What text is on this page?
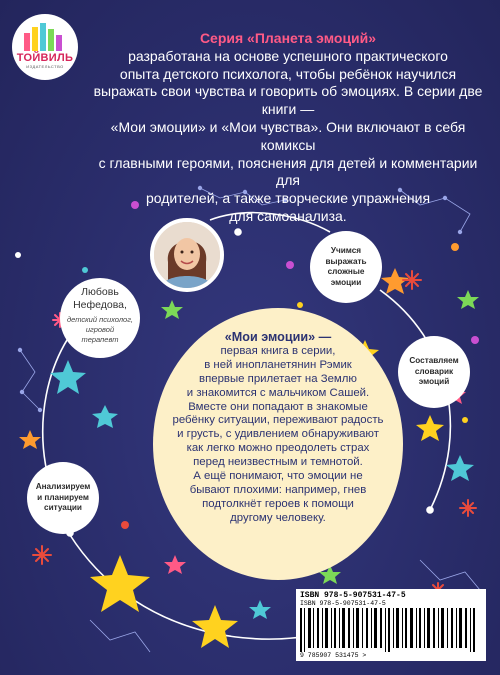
ТОЙВИЛЬ
ИЗДАТЕЛЬСТВО
Серия «Планета эмоций»
разработана на основе успешного практического
опыта детского психолога, чтобы ребёнок научился
выражать свои чувства и говорить об эмоциях. В серии две книги —
«Мои эмоции» и «Мои чувства». Они включают в себя комиксы
с главными героями, пояснения для детей и комментарии для
родителей, а также творческие упражнения
для самоанализа.
Любовь
Нефедова,
детский психолог,
игровой
терапевт
Учимся
выражать
сложные
эмоции
Составляем
словарик
эмоций
Анализируем
и планируем
ситуации
«Мои эмоции» —
первая книга в серии,
в ней инопланетянин Рэмик
впервые прилетает на Землю
и знакомится с мальчиком Сашей.
Вместе они попадают в знакомые
ребёнку ситуации, переживают радость
и грусть, с удивлением обнаруживают
как легко можно преодолеть страх
перед неизвестным и темнотой.
А ещё понимают, что эмоции не
бывают плохими: например, гнев
подтолкнёт героев к помощи
другому человеку.
ISBN 978-5-907531-47-5
ISBN 978-5-907531-47-5
9 785907 531475 >
